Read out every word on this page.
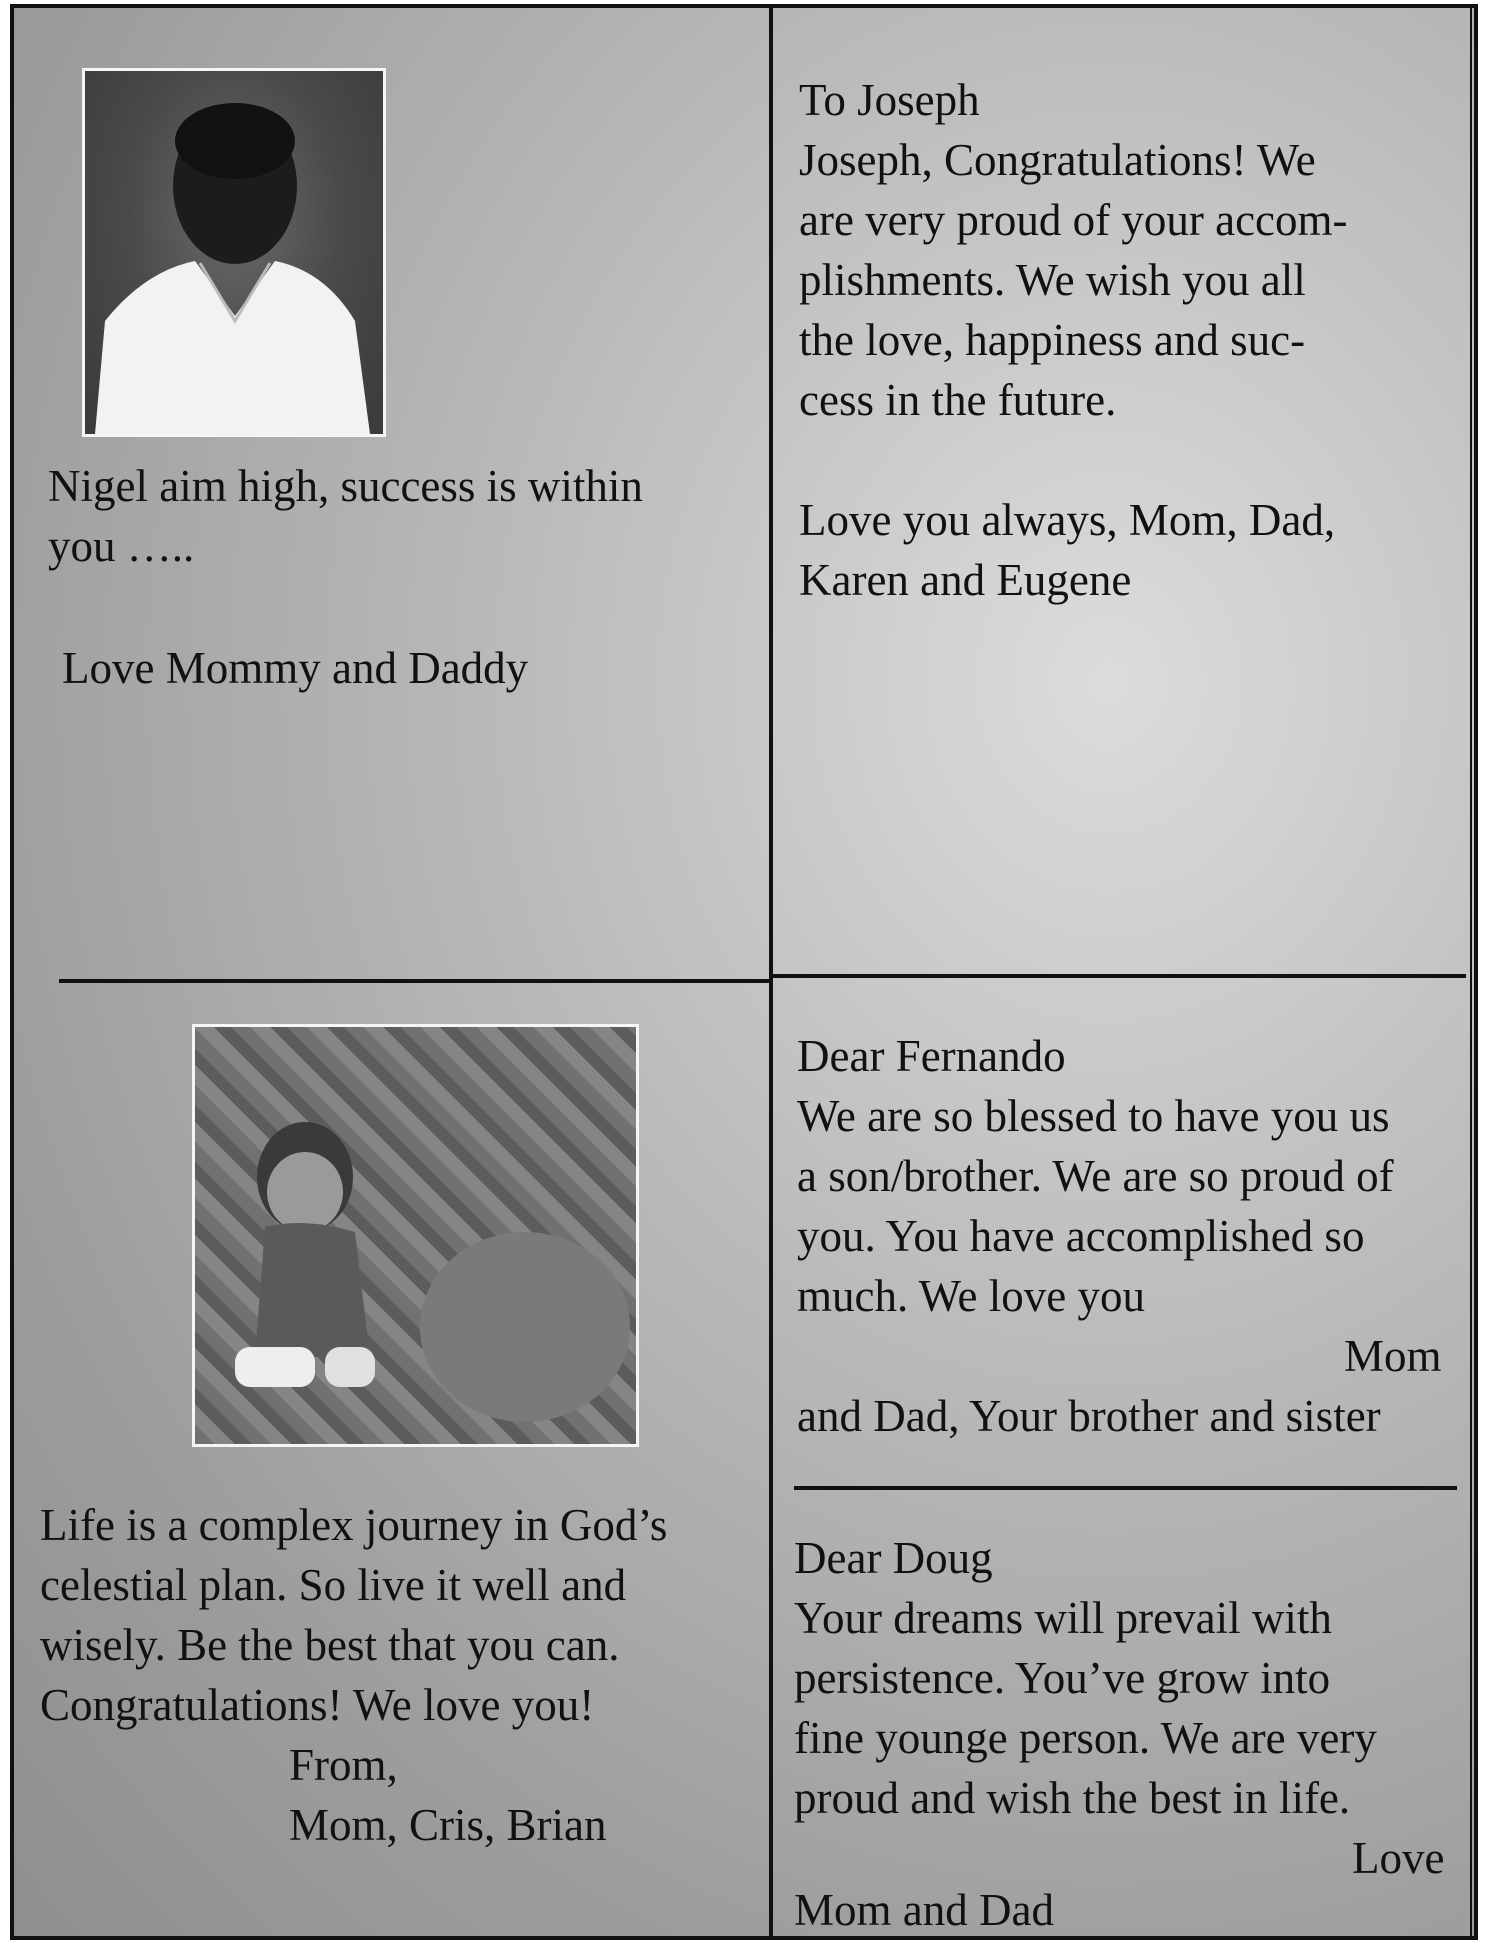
Nigel aim high, success is within
you …..
Love Mommy and Daddy
To Joseph
Joseph, Congratulations! We
are very proud of your accom-
plishments. We wish you all
the love, happiness and suc-
cess in the future.
Love you always, Mom, Dad,
Karen and Eugene
Life is a complex journey in God’s
celestial plan. So live it well and
wisely. Be the best that you can.
Congratulations! We love you!
From,
Mom, Cris, Brian
Dear Fernando
We are so blessed to have you us
a son/brother. We are so proud of
you. You have accomplished so
much. We love you
Mom
and Dad, Your brother and sister
Dear Doug
Your dreams will prevail with
persistence. You’ve grow into
fine younge person. We are very
proud and wish the best in life.
Love
Mom and Dad
